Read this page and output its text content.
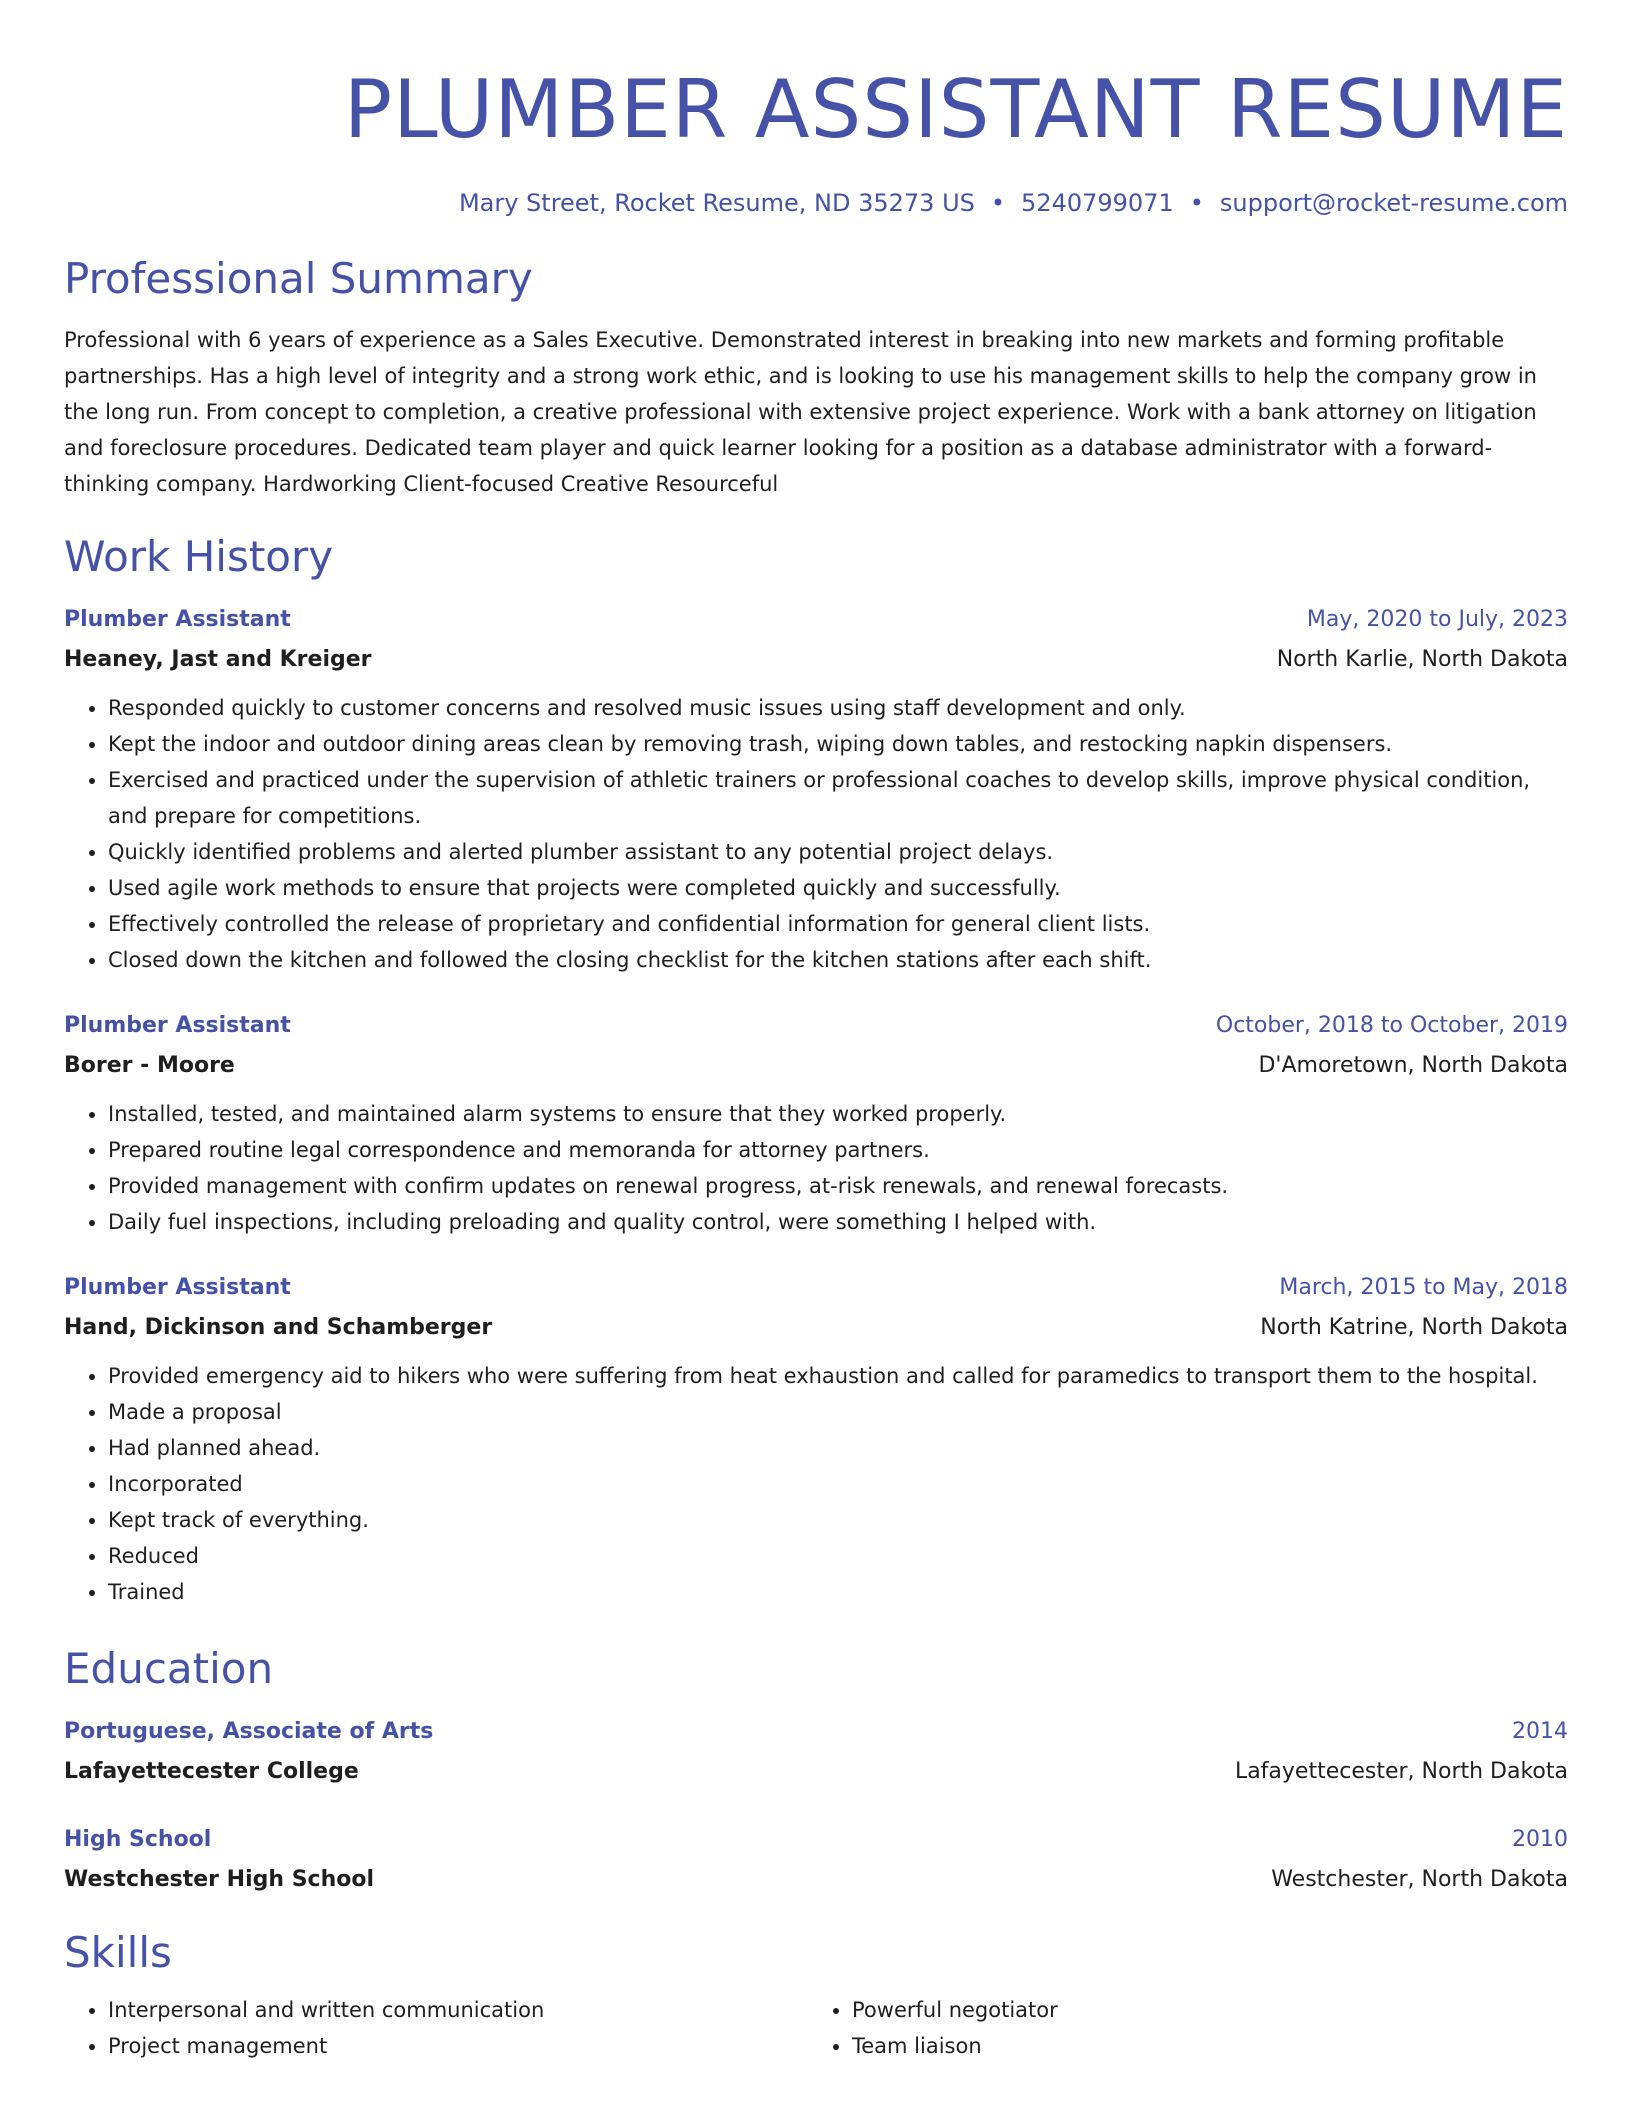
PLUMBER ASSISTANT RESUME
Mary Street, Rocket Resume, ND 35273 US • 5240799071 • support@rocket-resume.com
Professional Summary

Professional with 6 years of experience as a Sales Executive. Demonstrated interest in breaking into new markets and forming profitable partnerships. Has a high level of integrity and a strong work ethic, and is looking to use his management skills to help the company grow in the long run. From concept to completion, a creative professional with extensive project experience. Work with a bank attorney on litigation and foreclosure procedures. Dedicated team player and quick learner looking for a position as a database administrator with a forward-thinking company. Hardworking Client-focused Creative Resourceful

Work History
Plumber Assistant	May, 2020 to July, 2023
Heaney, Jast and Kreiger	North Karlie, North Dakota
• Responded quickly to customer concerns and resolved music issues using staff development and only.
• Kept the indoor and outdoor dining areas clean by removing trash, wiping down tables, and restocking napkin dispensers.
• Exercised and practiced under the supervision of athletic trainers or professional coaches to develop skills, improve physical condition, and prepare for competitions.
• Quickly identified problems and alerted plumber assistant to any potential project delays.
• Used agile work methods to ensure that projects were completed quickly and successfully.
• Effectively controlled the release of proprietary and confidential information for general client lists.
• Closed down the kitchen and followed the closing checklist for the kitchen stations after each shift.
Plumber Assistant	October, 2018 to October, 2019
Borer - Moore	D'Amoretown, North Dakota
• Installed, tested, and maintained alarm systems to ensure that they worked properly.
• Prepared routine legal correspondence and memoranda for attorney partners.
• Provided management with confirm updates on renewal progress, at-risk renewals, and renewal forecasts.
• Daily fuel inspections, including preloading and quality control, were something I helped with.
Plumber Assistant	March, 2015 to May, 2018
Hand, Dickinson and Schamberger	North Katrine, North Dakota
• Provided emergency aid to hikers who were suffering from heat exhaustion and called for paramedics to transport them to the hospital.
• Made a proposal
• Had planned ahead.
• Incorporated
• Kept track of everything.
• Reduced
• Trained
Education
Portuguese, Associate of Arts	2014
Lafayettecester College	Lafayettecester, North Dakota
High School	2010
Westchester High School	Westchester, North Dakota
Skills
• Interpersonal and written communication
• Project management
• Powerful negotiator
• Team liaison
